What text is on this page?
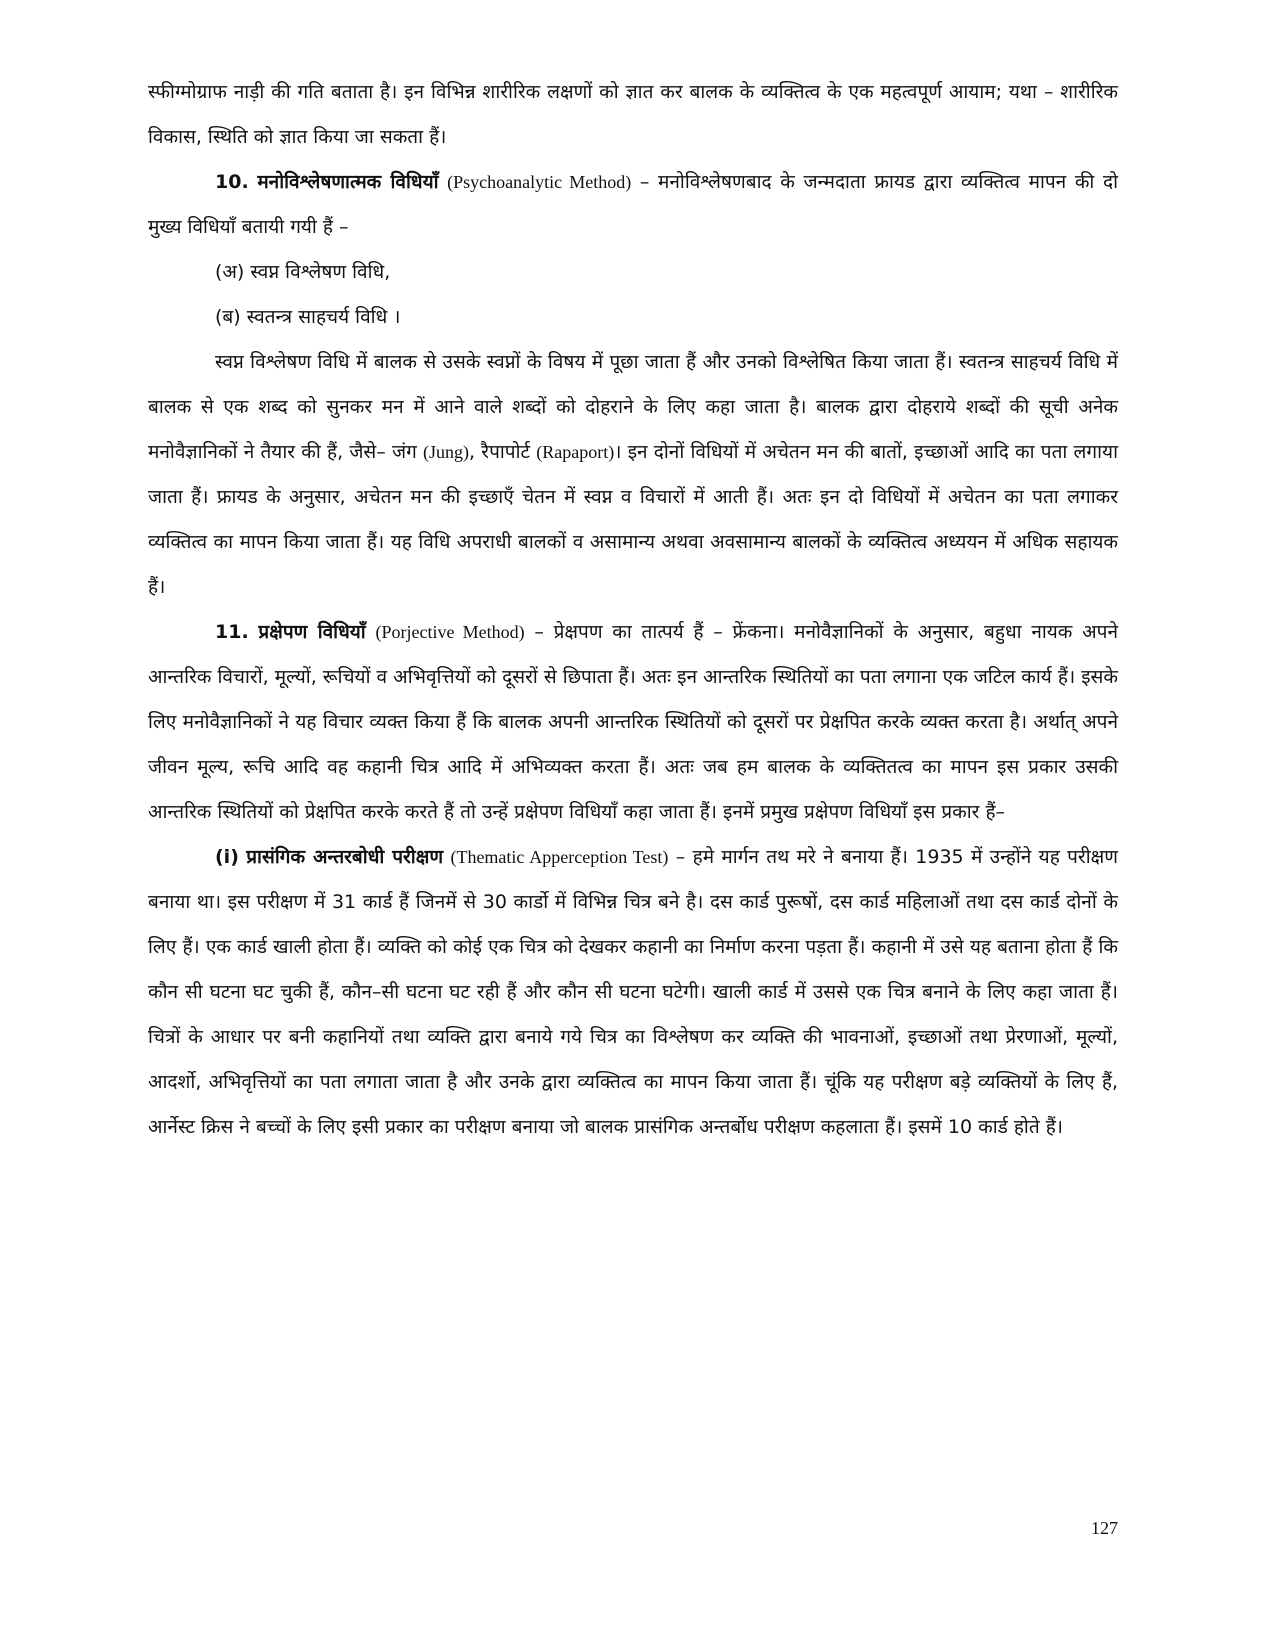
स्फीग्मोग्राफ नाड़ी की गति बताता है। इन विभिन्न शारीरिक लक्षणों को ज्ञात कर बालक के व्यक्तित्व के एक महत्वपूर्ण आयाम; यथा – शारीरिक विकास, स्थिति को ज्ञात किया जा सकता हैं।

10. मनोविश्लेषणात्मक विधियाँ (Psychoanalytic Method) – मनोविश्लेषणबाद के जन्मदाता फ्रायड द्वारा व्यक्तित्व मापन की दो मुख्य विधियाँ बतायी गयी हैं –

(अ) स्वप्न विश्लेषण विधि,

(ब) स्वतन्त्र साहचर्य विधि ।

स्वप्न विश्लेषण विधि में बालक से उसके स्वप्नों के विषय में पूछा जाता हैं और उनको विश्लेषित किया जाता हैं। स्वतन्त्र साहचर्य विधि में बालक से एक शब्द को सुनकर मन में आने वाले शब्दों को दोहराने के लिए कहा जाता है। बालक द्वारा दोहराये शब्दों की सूची अनेक मनोवैज्ञानिकों ने तैयार की हैं, जैसे– जंग (Jung), रैपापोर्ट (Rapaport)। इन दोनों विधियों में अचेतन मन की बातों, इच्छाओं आदि का पता लगाया जाता हैं। फ्रायड के अनुसार, अचेतन मन की इच्छाएँ चेतन में स्वप्न व विचारों में आती हैं। अतः इन दो विधियों में अचेतन का पता लगाकर व्यक्तित्व का मापन किया जाता हैं। यह विधि अपराधी बालकों व असामान्य अथवा अवसामान्य बालकों के व्यक्तित्व अध्ययन में अधिक सहायक हैं।

11. प्रक्षेपण विधियाँ (Porjective Method) – प्रेक्षपण का तात्पर्य हैं – फ्रेंकना। मनोवैज्ञानिकों के अनुसार, बहुधा नायक अपने आन्तरिक विचारों, मूल्यों, रूचियों व अभिवृत्तियों को दूसरों से छिपाता हैं। अतः इन आन्तरिक स्थितियों का पता लगाना एक जटिल कार्य हैं। इसके लिए मनोवैज्ञानिकों ने यह विचार व्यक्त किया हैं कि बालक अपनी आन्तरिक स्थितियों को दूसरों पर प्रेक्षपित करके व्यक्त करता है। अर्थात् अपने जीवन मूल्य, रूचि आदि वह कहानी चित्र आदि में अभिव्यक्त करता हैं। अतः जब हम बालक के व्यक्तितत्व का मापन इस प्रकार उसकी आन्तरिक स्थितियों को प्रेक्षपित करके करते हैं तो उन्हें प्रक्षेपण विधियाँ कहा जाता हैं। इनमें प्रमुख प्रक्षेपण विधियाँ इस प्रकार हैं–

(i) प्रासंगिक अन्तरबोधी परीक्षण (Thematic Apperception Test) – हमे मार्गन तथ मरे ने बनाया हैं। 1935 में उन्होंने यह परीक्षण बनाया था। इस परीक्षण में 31 कार्ड हैं जिनमें से 30 कार्डो में विभिन्न चित्र बने है। दस कार्ड पुरूषों, दस कार्ड महिलाओं तथा दस कार्ड दोनों के लिए हैं। एक कार्ड खाली होता हैं। व्यक्ति को कोई एक चित्र को देखकर कहानी का निर्माण करना पड़ता हैं। कहानी में उसे यह बताना होता हैं कि कौन सी घटना घट चुकी हैं, कौन–सी घटना घट रही हैं और कौन सी घटना घटेगी। खाली कार्ड में उससे एक चित्र बनाने के लिए कहा जाता हैं। चित्रों के आधार पर बनी कहानियों तथा व्यक्ति द्वारा बनाये गये चित्र का विश्लेषण कर व्यक्ति की भावनाओं, इच्छाओं तथा प्रेरणाओं, मूल्यों, आदर्शो, अभिवृत्तियों का पता लगाता जाता है और उनके द्वारा व्यक्तित्व का मापन किया जाता हैं। चूंकि यह परीक्षण बड़े व्यक्तियों के लिए हैं, आर्नेस्ट क्रिस ने बच्चों के लिए इसी प्रकार का परीक्षण बनाया जो बालक प्रासंगिक अन्तर्बोध परीक्षण कहलाता हैं। इसमें 10 कार्ड होते हैं।

127
